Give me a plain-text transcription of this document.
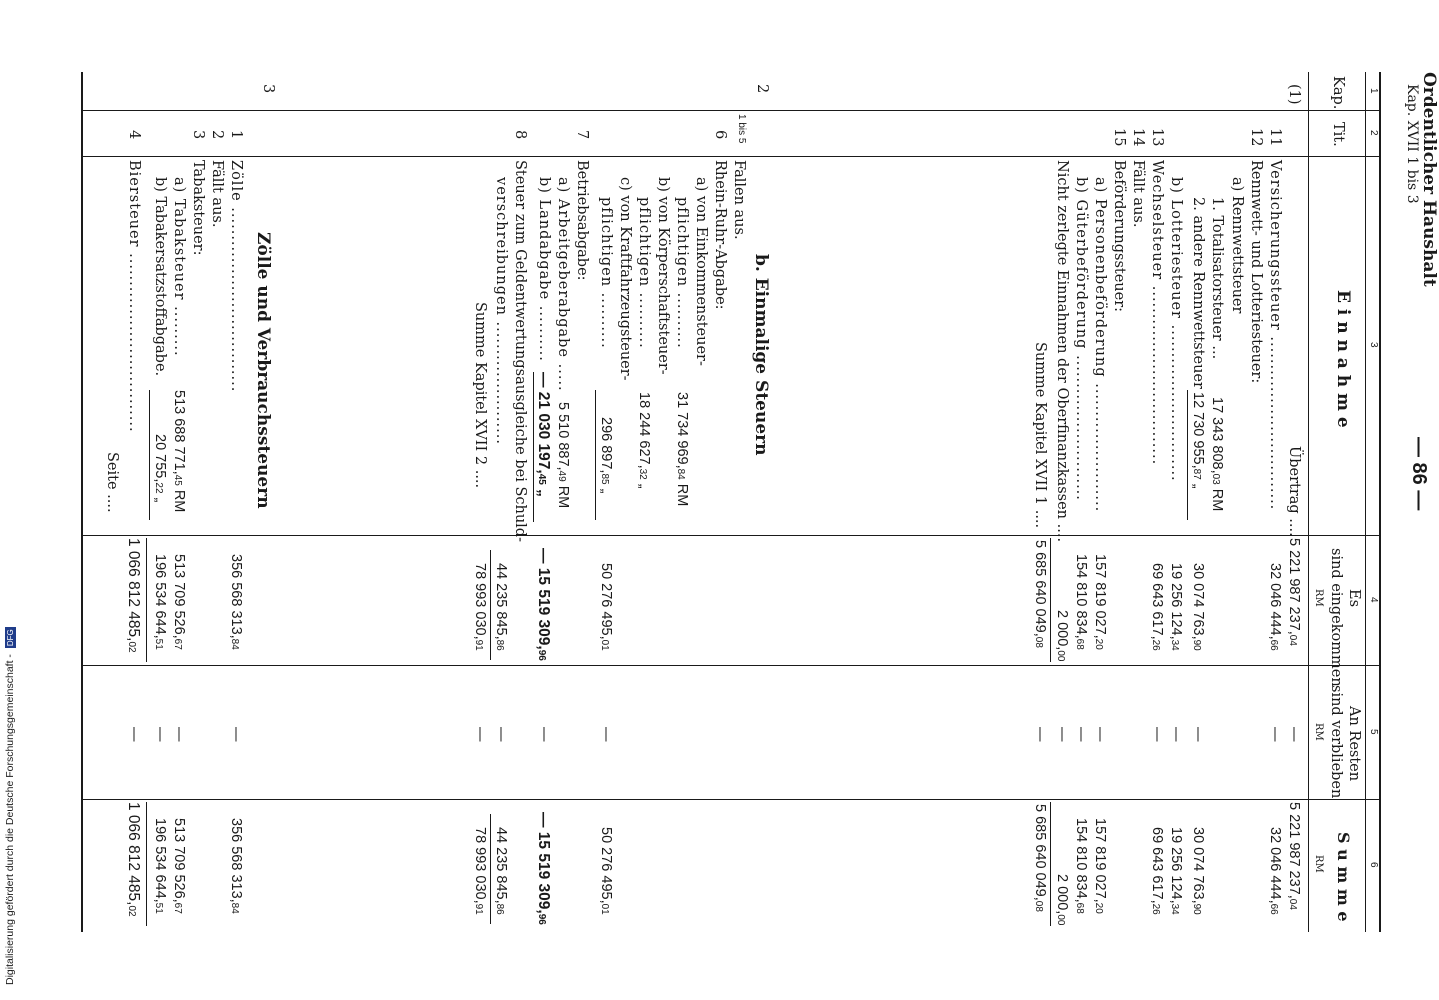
Ordentlicher Haushalt
Kap. XVII 1 bis 3
— 86 —
1
2
3
4
5
6
Kap.
Tit.
E i n n a h m e
Es
sind eingekommen
RM
An Resten
sind verblieben
RM
S u m m e
RM
(1)
Übertrag ....
5 221 987 237,04
—
5 221 987 237,04
11
Versicherungssteuer ...............................
32 046 444,66
—
32 046 444,66
12
Rennwett- und Lotteriesteuer:
a) Rennwettsteuer
1. Totalisatorsteuer ...
17 343 808,03 RM
2. andere Rennwettsteuer
12 730 955,87 „
30 074 763,90
—
30 074 763,90
b) Lotteriesteuer ............................
19 256 124,34
—
19 256 124,34
13
Wechselsteuer ................................
69 643 617,26
—
69 643 617,26
14
Fällt aus.
15
Beförderungssteuer:
a) Personenbeförderung .......................
157 819 027,20
—
157 819 027,20
b) Güterbeförderung ..........................
154 810 834,68
—
154 810 834,68
Nicht zerlegte Einnahmen der Oberfinanzkassen ....
2 000,00
—
2 000,00
Summe Kapitel XVII 1 ....
5 685 640 049,08
—
5 685 640 049,08
2
b. Einmalige Steuern
1 bis 5
Fallen aus.
6
Rhein-Ruhr-Abgabe:
a) von Einkommensteuer-
pflichtigen ..........
31 734 969,84 RM
b) von Körperschaftsteuer-
pflichtigen ..........
18 244 627,32 „
c) von Kraftfahrzeugsteuer-
pflichtigen ..........
296 897,85 „
50 276 495,01
—
50 276 495,01
7
Betriebsabgabe:
a) Arbeitgeberabgabe .....
5 510 887,49 RM
b) Landabgabe ..........
— 21 030 197,45 „
— 15 519 309,96
—
— 15 519 309,96
8
Steuer zum Geldentwertungsausgleiche bei Schuld-
verschreibungen ......................
44 235 845,86
—
44 235 845,86
Summe Kapitel XVII 2 ....
78 993 030,91
—
78 993 030,91
3
Zölle und Verbrauchssteuern
1
Zölle .................................
356 568 313,84
—
356 568 313,84
2
Fällt aus.
3
Tabaksteuer:
a) Tabaksteuer .........
513 688 771,45 RM
b) Tabakersatzstoffabgabe.
20 755,22 „
513 709 526,67
—
513 709 526,67
4
Biersteuer ................................
196 534 644,51
—
196 534 644,51
Seite ....
1 066 812 485,02
—
1 066 812 485,02
Digitalisierung gefördert durch die Deutsche Forschungsgemeinschaft - DFG
